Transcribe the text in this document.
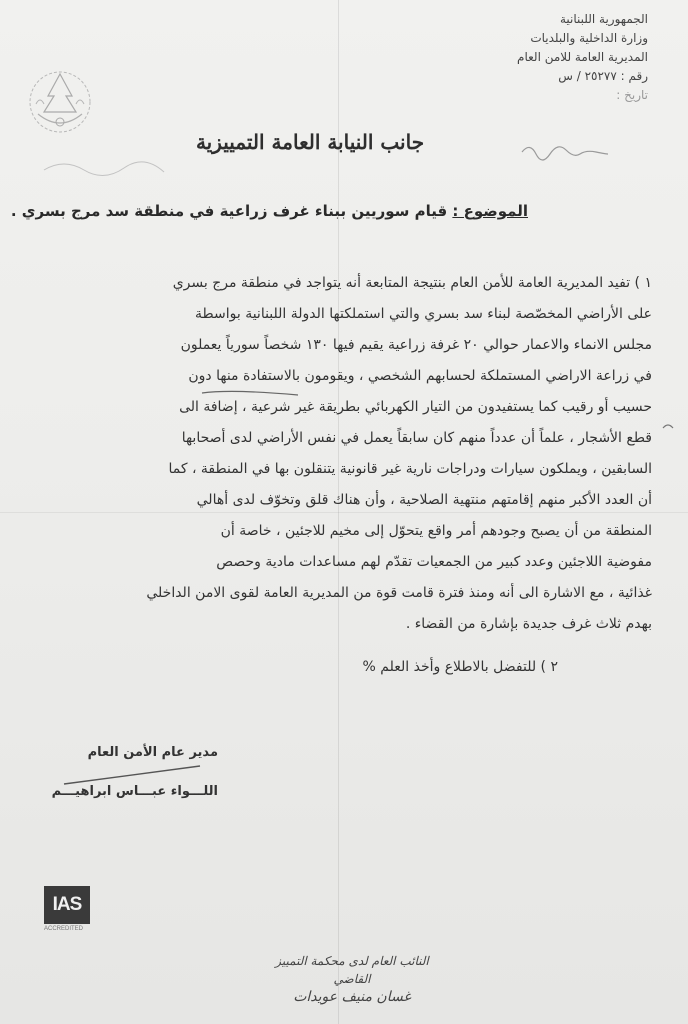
الجمهورية اللبنانية
وزارة الداخلية والبلديات
المديرية العامة للامن العام
رقم : ٢٥٢٧٧ / س
تاريخ :
جانب النيابة العامة التمييزية
الموضوع : قيام سوريين ببناء غرف زراعية في منطقة سد مرج بسري .
١ ) تفيد المديرية العامة للأمن العام بنتيجة المتابعة أنه يتواجد في منطقة مرج بسري
على الأراضي المخصّصة لبناء سد بسري والتي استملكتها الدولة اللبنانية بواسطة
مجلس الانماء والاعمار حوالي ٢٠ غرفة زراعية يقيم فيها ١٣٠ شخصاً سورياً يعملون
في زراعة الاراضي المستملكة لحسابهم الشخصي ، ويقومون بالاستفادة منها دون
حسيب أو رقيب كما يستفيدون من التيار الكهربائي بطريقة غير شرعية ، إضافة الى
قطع الأشجار ، علماً أن عدداً منهم كان سابقاً يعمل في نفس الأراضي لدى أصحابها
السابقين ، ويملكون سيارات ودراجات نارية غير قانونية يتنقلون بها في المنطقة ، كما
أن العدد الأكبر منهم إقامتهم منتهية الصلاحية ، وأن هناك قلق وتخوّف لدى أهالي
المنطقة من أن يصبح وجودهم أمر واقع يتحوّل إلى مخيم للاجئين ، خاصة أن
مفوضية اللاجئين وعدد كبير من الجمعيات تقدّم لهم مساعدات مادية وحصص
غذائية ، مع الاشارة الى أنه ومنذ فترة قامت قوة من المديرية العامة لقوى الامن الداخلي
بهدم ثلاث غرف جديدة بإشارة من القضاء .
٢ ) للتفضل بالاطلاع وأخذ العلم %
مدير عام الأمن العام
اللـــواء عبـــاس ابراهيـــم
IAS
ACCREDITED
النائب العام لدى محكمة التمييز
القاضي
غسان منيف عويدات
